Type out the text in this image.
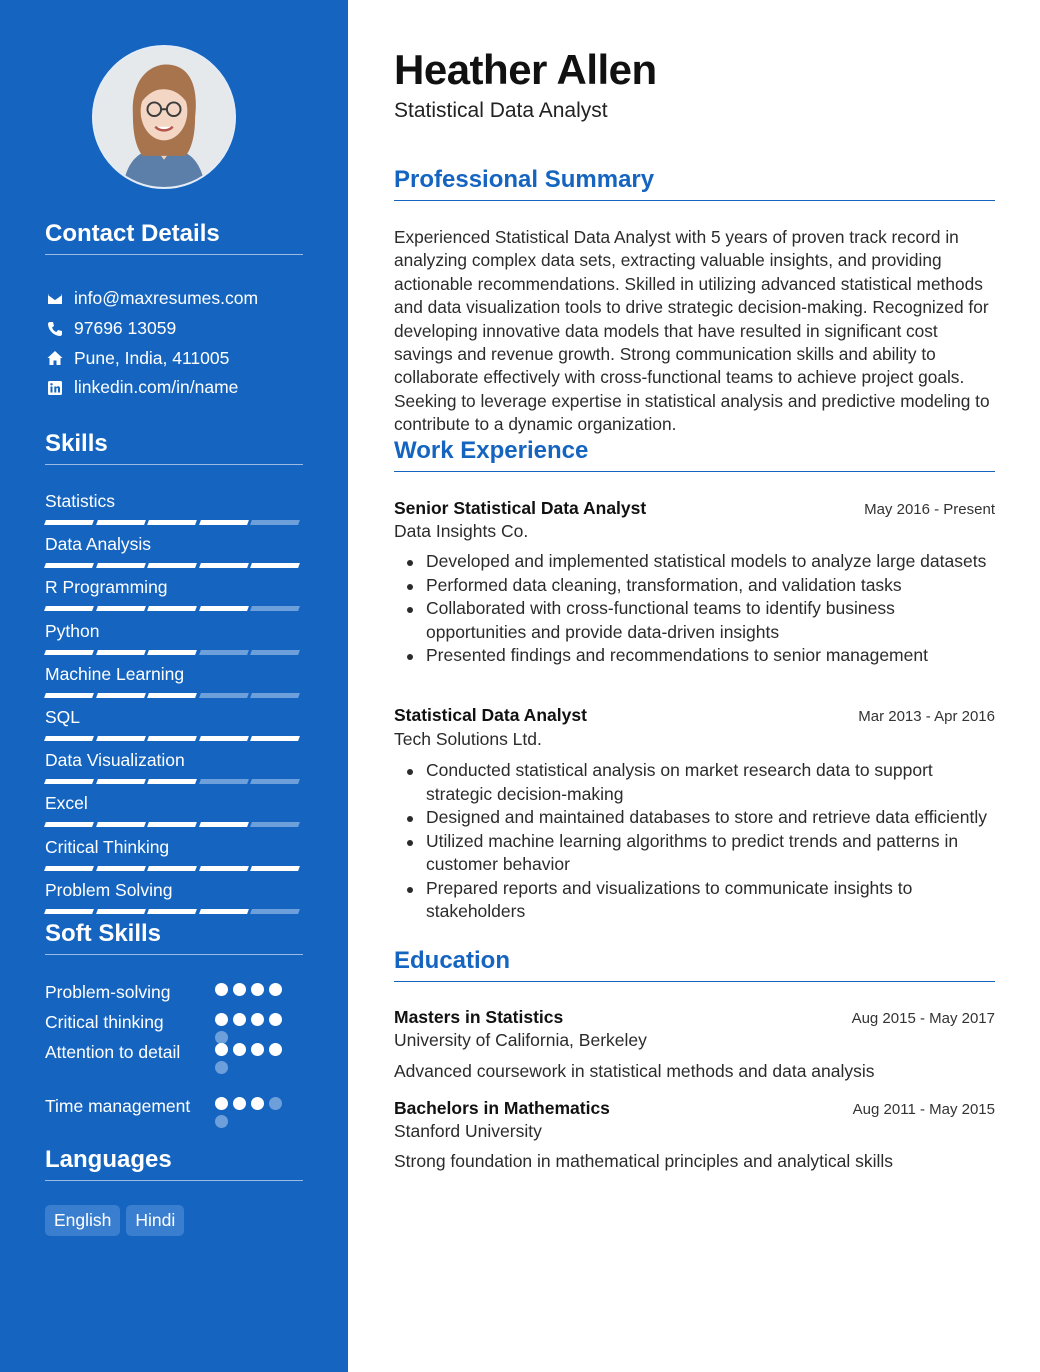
Contact Details
info@maxresumes.com
97696 13059
Pune, India, 411005
linkedin.com/in/name
Skills
Statistics
Data Analysis
R Programming
Python
Machine Learning
SQL
Data Visualization
Excel
Critical Thinking
Problem Solving
Soft Skills
Problem-solving
Critical thinking
Attention to detail
Time management
Languages
English	Hindi
Heather Allen
Statistical Data Analyst
Professional Summary

Experienced Statistical Data Analyst with 5 years of proven track record in analyzing complex data sets, extracting valuable insights, and providing actionable recommendations. Skilled in utilizing advanced statistical methods and data visualization tools to drive strategic decision-making. Recognized for developing innovative data models that have resulted in significant cost savings and revenue growth. Strong communication skills and ability to collaborate effectively with cross-functional teams to achieve project goals. Seeking to leverage expertise in statistical analysis and predictive modeling to contribute to a dynamic organization.

Work Experience
Senior Statistical Data Analyst	May 2016 - Present
Data Insights Co.
Developed and implemented statistical models to analyze large datasets
Performed data cleaning, transformation, and validation tasks
Collaborated with cross-functional teams to identify business opportunities and provide data-driven insights
Presented findings and recommendations to senior management
Statistical Data Analyst	Mar 2013 - Apr 2016
Tech Solutions Ltd.
Conducted statistical analysis on market research data to support strategic decision-making
Designed and maintained databases to store and retrieve data efficiently
Utilized machine learning algorithms to predict trends and patterns in customer behavior
Prepared reports and visualizations to communicate insights to stakeholders
Education
Masters in Statistics	Aug 2015 - May 2017
University of California, Berkeley
Advanced coursework in statistical methods and data analysis
Bachelors in Mathematics	Aug 2011 - May 2015
Stanford University
Strong foundation in mathematical principles and analytical skills
